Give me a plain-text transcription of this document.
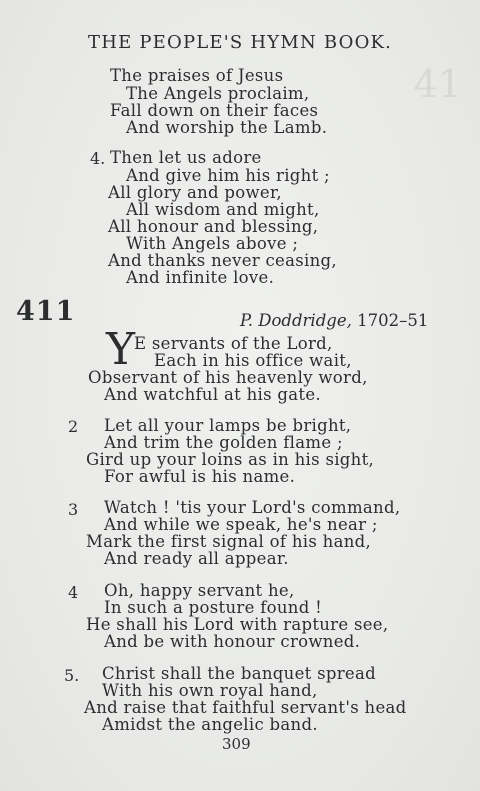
41
THE PEOPLE'S HYMN BOOK.
The praises of Jesus
The Angels proclaim,
Fall down on their faces
And worship the Lamb.
4. Then let us adore
And give him his right ;
All glory and power,
All wisdom and might,
All honour and blessing,
With Angels above ;
And thanks never ceasing,
And infinite love.
411	P. Doddridge, 1702–51
Y
E servants of the Lord,
Each in his office wait,
Observant of his heavenly word,
And watchful at his gate.
2 Let all your lamps be bright,
And trim the golden flame ;
Gird up your loins as in his sight,
For awful is his name.
3 Watch ! 'tis your Lord's command,
And while we speak, he's near ;
Mark the first signal of his hand,
And ready all appear.
4 Oh, happy servant he,
In such a posture found !
He shall his Lord with rapture see,
And be with honour crowned.
5. Christ shall the banquet spread
With his own royal hand,
And raise that faithful servant's head
Amidst the angelic band.
309
